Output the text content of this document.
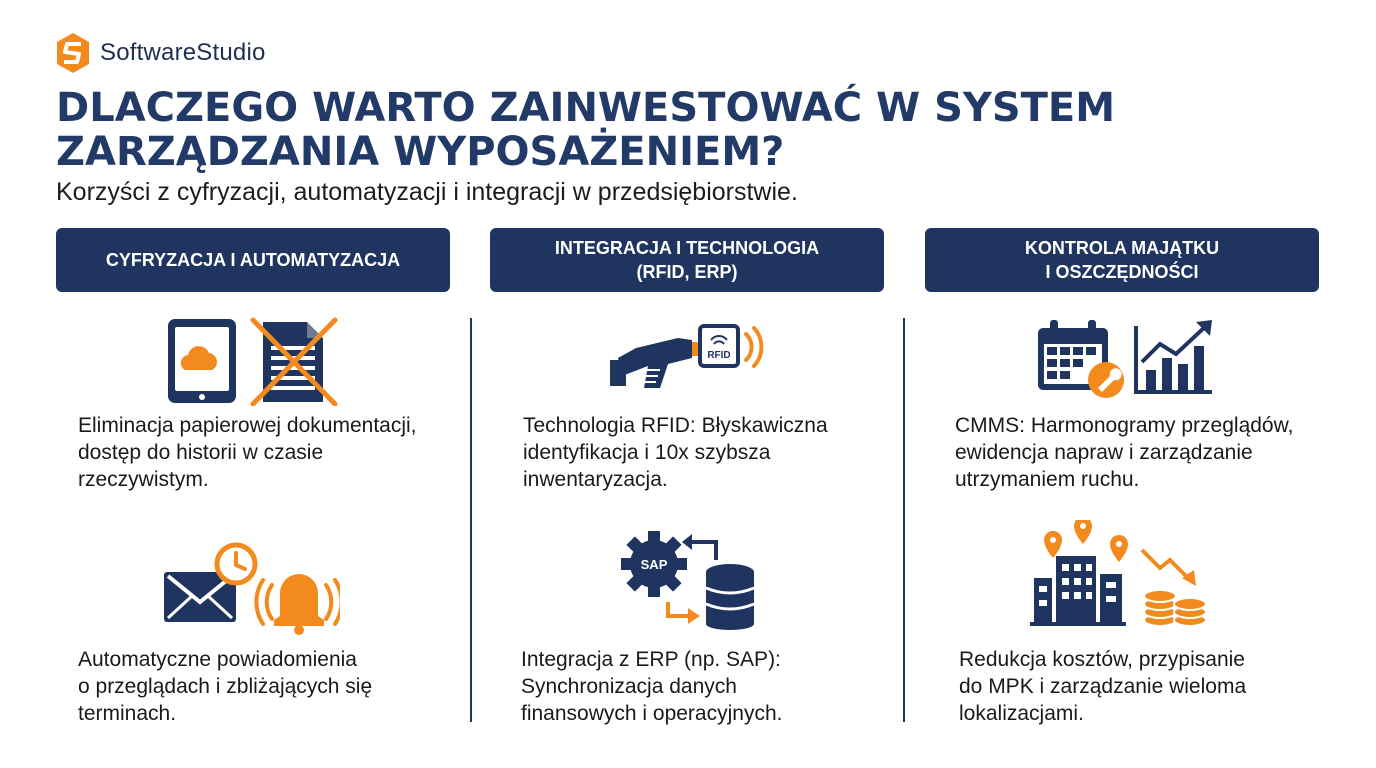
SoftwareStudio
DLACZEGO WARTO ZAINWESTOWAĆ W SYSTEM ZARZĄDZANIA WYPOSAŻENIEM?

Korzyści z cyfryzacji, automatyzacji i integracji w przedsiębiorstwie.

CYFRYZACJA I AUTOMATYZACJA
INTEGRACJA I TECHNOLOGIA
(RFID, ERP)
KONTROLA MAJĄTKU
I OSZCZĘDNOŚCI
Eliminacja papierowej dokumentacji,
dostęp do historii w czasie
rzeczywistym.
Automatyczne powiadomienia
o przeglądach i zbliżających się
terminach.
RFID
Technologia RFID: Błyskawiczna
identyfikacja i 10x szybsza
inwentaryzacja.
SAP
Integracja z ERP (np. SAP):
Synchronizacja danych
finansowych i operacyjnych.
CMMS: Harmonogramy przeglądów,
ewidencja napraw i zarządzanie
utrzymaniem ruchu.
Redukcja kosztów, przypisanie
do MPK i zarządzanie wieloma
lokalizacjami.
